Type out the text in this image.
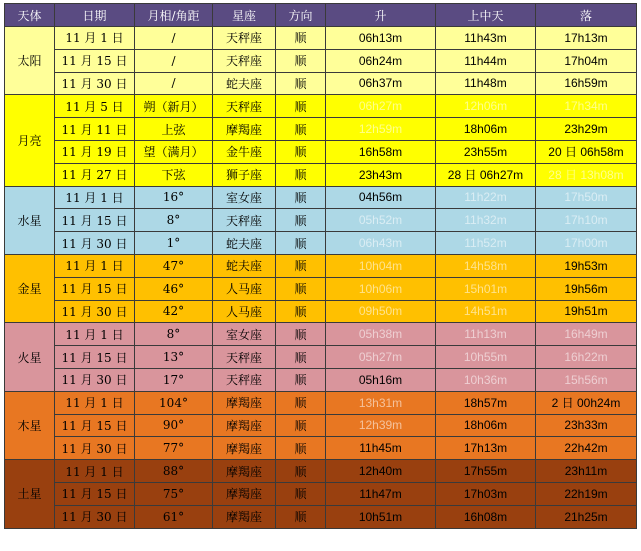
天体	日期	月相/角距	星座	方向	升	上中天	落
太阳	11 月 1 日	/	天秤座	顺	06h13m	11h43m	17h13m
	11 月 15 日	/	天秤座	顺	06h24m	11h44m	17h04m
	11 月 30 日	/	蛇夫座	顺	06h37m	11h48m	16h59m
月亮	11 月 5 日	朔（新月）	天秤座	顺	06h27m	12h06m	17h34m
	11 月 11 日	上弦	摩羯座	顺	12h59m	18h06m	23h29m
	11 月 19 日	望（满月）	金牛座	顺	16h58m	23h55m	20 日 06h58m
	11 月 27 日	下弦	狮子座	顺	23h43m	28 日 06h27m	28 日 13h08m
水星	11 月 1 日	16°	室女座	顺	04h56m	11h22m	17h50m
	11 月 15 日	8°	天秤座	顺	05h52m	11h32m	17h10m
	11 月 30 日	1°	蛇夫座	顺	06h43m	11h52m	17h00m
金星	11 月 1 日	47°	蛇夫座	顺	10h04m	14h58m	19h53m
	11 月 15 日	46°	人马座	顺	10h06m	15h01m	19h56m
	11 月 30 日	42°	人马座	顺	09h50m	14h51m	19h51m
火星	11 月 1 日	8°	室女座	顺	05h38m	11h13m	16h49m
	11 月 15 日	13°	天秤座	顺	05h27m	10h55m	16h22m
	11 月 30 日	17°	天秤座	顺	05h16m	10h36m	15h56m
木星	11 月 1 日	104°	摩羯座	顺	13h31m	18h57m	2 日 00h24m
	11 月 15 日	90°	摩羯座	顺	12h39m	18h06m	23h33m
	11 月 30 日	77°	摩羯座	顺	11h45m	17h13m	22h42m
土星	11 月 1 日	88°	摩羯座	顺	12h40m	17h55m	23h11m
	11 月 15 日	75°	摩羯座	顺	11h47m	17h03m	22h19m
	11 月 30 日	61°	摩羯座	顺	10h51m	16h08m	21h25m
